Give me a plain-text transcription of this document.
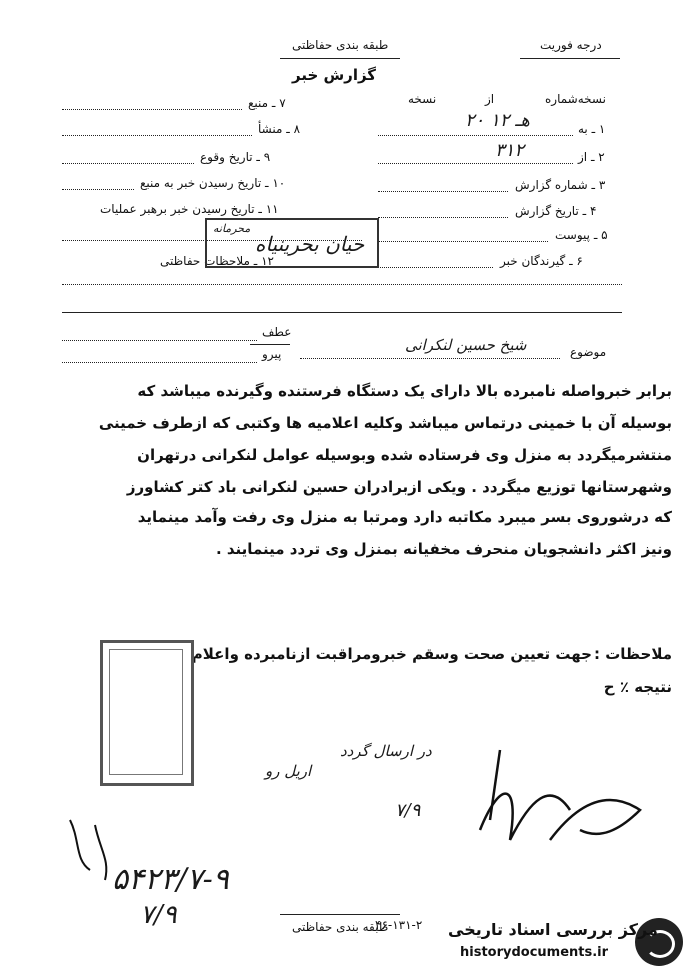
درجه فوریت
طبقه بندی حفاظتی
گزارش خبر
نسخه‌شماره
از
نسخه
۱ ـ به
۲۰ هـ ۱۲
۲ ـ از
۳۱۲
۳ ـ شماره گزارش
۴ ـ تاریخ گزارش
۵ ـ پیوست
۶ ـ گیرندگان خبر
۷ ـ منبع
۸ ـ منشأ
۹ ـ تاریخ وقوع
۱۰ ـ تاریخ رسیدن خبر به منبع
۱۱ ـ تاریخ رسیدن خبر برهبر عملیات
۱۲ ـ ملاحظات حفاظتی
محرمانه
حیان بحرینیاه
موضوع
شیخ حسین لنکرانی
عطف
پیرو
برابر خبرواصله نامبرده بالا دارای یک دستگاه فرستنده وگیرنده میباشد که
بوسیله آن با خمینی درتماس میباشد وکلیه اعلامیه ها وکتبی که ازطرف خمینی
منتشرمیگردد به منزل وی فرستاده شده وبوسیله عوامل لنکرانی درتهران
وشهرستانها توزیع میگردد . ویکی ازبرادران حسین لنکرانی باد کتر کشاورز
که درشوروی بسر میبرد مکاتبه دارد ومرتبا به منزل وی رفت وآمد مینماید
ونیز اکثر دانشجویان منحرف مخفیانه بمنزل وی تردد مینمایند .
ملاحظات :
جهت تعیین صحت وسقم خبرومراقبت ازنامبرده واعلام
نتیجه ٪ ح
در ارسال گردد
اریل رو
۷/۹
۵۴۲۳/۷-۹
۷/۹	۴۶-۱۳۱-۲
طبقه بندی حفاظتی	مرکز بررسی اسناد تاریخی
historydocuments.ir
